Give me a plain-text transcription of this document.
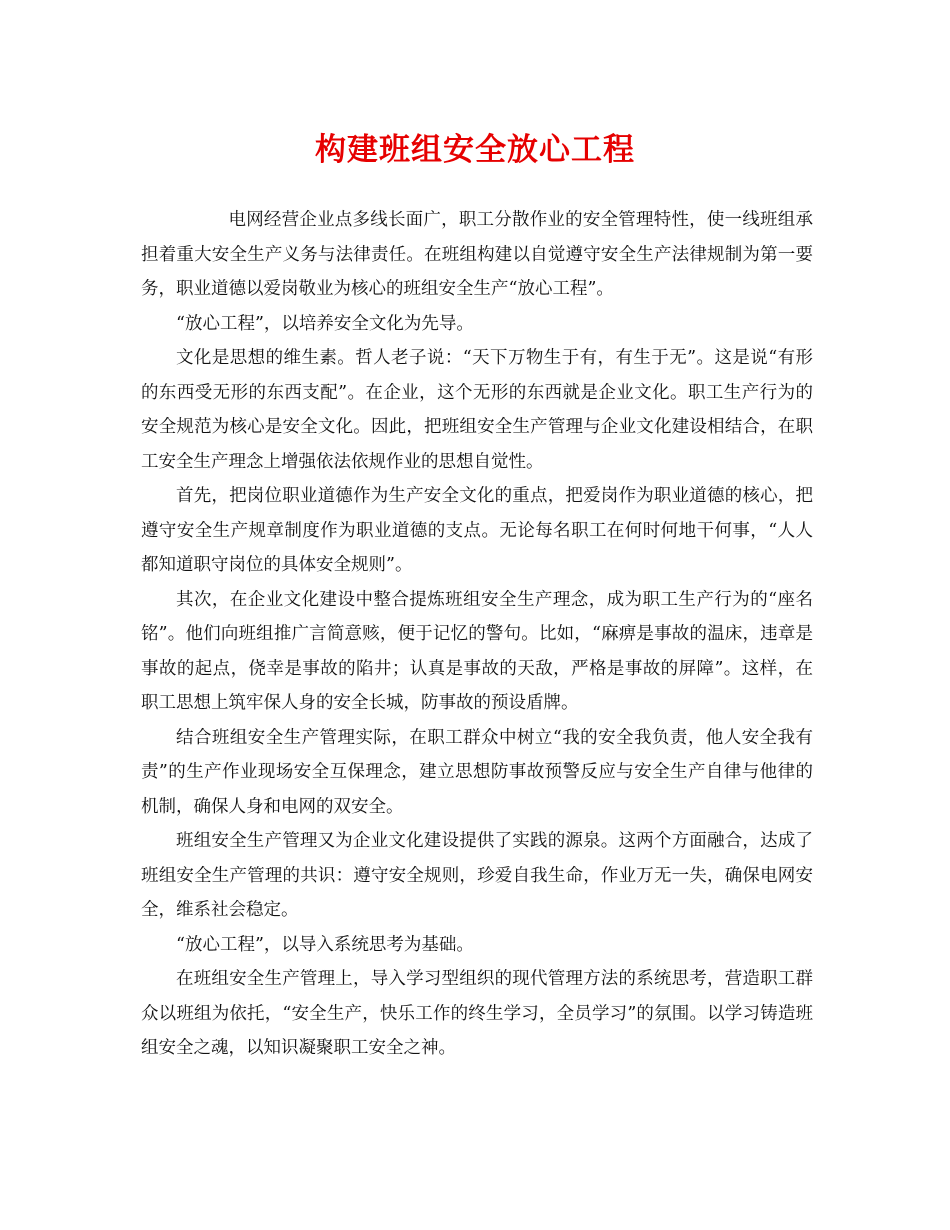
构建班组安全放心工程

电网经营企业点多线长面广，职工分散作业的安全管理特性，使一线班组承担着重大安全生产义务与法律责任。在班组构建以自觉遵守安全生产法律规制为第一要务，职业道德以爱岗敬业为核心的班组安全生产“放心工程”。

“放心工程”，以培养安全文化为先导。

文化是思想的维生素。哲人老子说：“天下万物生于有，有生于无”。这是说“有形的东西受无形的东西支配”。在企业，这个无形的东西就是企业文化。职工生产行为的安全规范为核心是安全文化。因此，把班组安全生产管理与企业文化建设相结合，在职工安全生产理念上增强依法依规作业的思想自觉性。

首先，把岗位职业道德作为生产安全文化的重点，把爱岗作为职业道德的核心，把遵守安全生产规章制度作为职业道德的支点。无论每名职工在何时何地干何事，“人人都知道职守岗位的具体安全规则”。

其次，在企业文化建设中整合提炼班组安全生产理念，成为职工生产行为的“座名铭”。他们向班组推广言简意赅，便于记忆的警句。比如，“麻痹是事故的温床，违章是事故的起点，侥幸是事故的陷井；认真是事故的天敌，严格是事故的屏障”。这样，在职工思想上筑牢保人身的安全长城，防事故的预设盾牌。

结合班组安全生产管理实际，在职工群众中树立“我的安全我负责，他人安全我有责”的生产作业现场安全互保理念，建立思想防事故预警反应与安全生产自律与他律的机制，确保人身和电网的双安全。

班组安全生产管理又为企业文化建设提供了实践的源泉。这两个方面融合，达成了班组安全生产管理的共识：遵守安全规则，珍爱自我生命，作业万无一失，确保电网安全，维系社会稳定。

“放心工程”，以导入系统思考为基础。

在班组安全生产管理上，导入学习型组织的现代管理方法的系统思考，营造职工群众以班组为依托，“安全生产，快乐工作的终生学习，全员学习”的氛围。以学习铸造班组安全之魂，以知识凝聚职工安全之神。
